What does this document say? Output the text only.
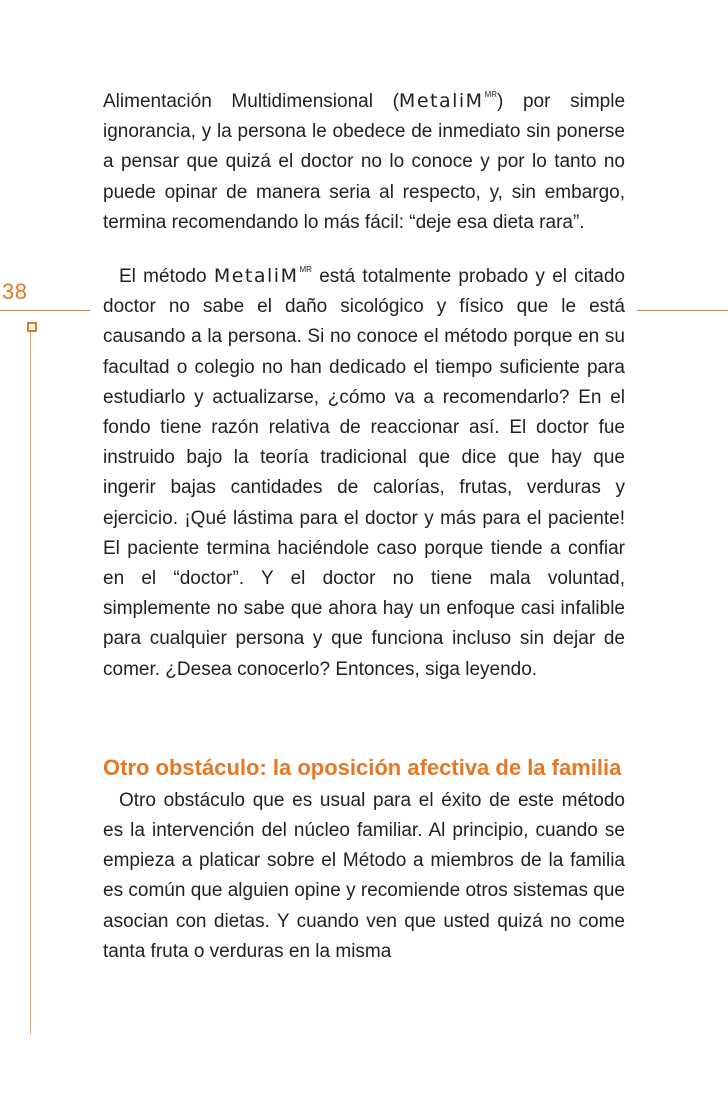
38

Alimentación Multidimensional (MetaliM$^{MR}$) por simple ignorancia, y la persona le obedece de inmediato sin ponerse a pensar que quizá el doctor no lo conoce y por lo tanto no puede opinar de manera seria al respecto, y, sin embargo, termina recomendando lo más fácil: “deje esa dieta rara”.

El método MetaliM$^{MR}$ está totalmente probado y el citado doctor no sabe el daño sicológico y físico que le está causando a la persona. Si no conoce el método porque en su facultad o colegio no han dedicado el tiempo suficiente para estudiarlo y actualizarse, ¿cómo va a recomendarlo? En el fondo tiene razón relativa de reaccionar así. El doctor fue instruido bajo la teoría tradicional que dice que hay que ingerir bajas cantidades de calorías, frutas, verduras y ejercicio. ¡Qué lástima para el doctor y más para el paciente! El paciente termina haciéndole caso porque tiende a confiar en el “doctor”. Y el doctor no tiene mala voluntad, simplemente no sabe que ahora hay un enfoque casi infalible para cualquier persona y que funciona incluso sin dejar de comer. ¿Desea conocerlo? Entonces, siga leyendo.

Otro obstáculo: la oposición afectiva de la familia

Otro obstáculo que es usual para el éxito de este método es la intervención del núcleo familiar. Al principio, cuando se empieza a platicar sobre el Método a miembros de la familia es común que alguien opine y recomiende otros sistemas que asocian con dietas. Y cuando ven que usted quizá no come tanta fruta o verduras en la misma
